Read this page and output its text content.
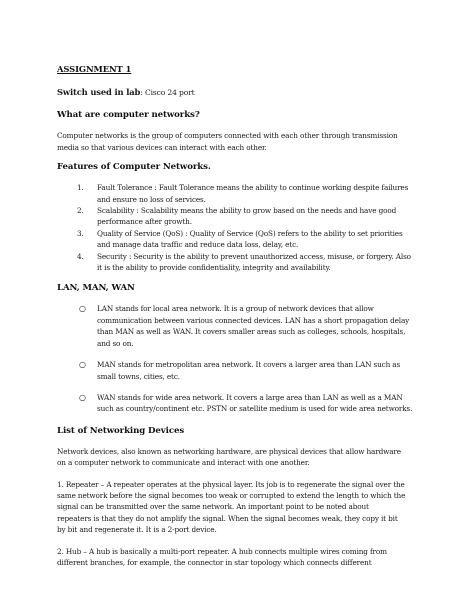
ASSIGNMENT 1
Switch used in lab: Cisco 24 port
What are computer networks?
Computer networks is the group of computers connected with each other through transmission
media so that various devices can interact with each other.
Features of Computer Networks.
1. Fault Tolerance : Fault Tolerance means the ability to continue working despite failures
and ensure no loss of services.
2. Scalability : Scalability means the ability to grow based on the needs and have good
performance after growth.
3. Quality of Service (QoS) : Quality of Service (QoS) refers to the ability to set priorities
and manage data traffic and reduce data loss, delay, etc.
4. Security : Security is the ability to prevent unauthorized access, misuse, or forgery. Also
it is the ability to provide confidentiality, integrity and availability.
LAN, MAN, WAN
○ LAN stands for local area network. It is a group of network devices that allow
communication between various connected devices. LAN has a short propagation delay
than MAN as well as WAN. It covers smaller areas such as colleges, schools, hospitals,
and so on.
○ MAN stands for metropolitan area network. It covers a larger area than LAN such as
small towns, cities, etc.
○ WAN stands for wide area network. It covers a large area than LAN as well as a MAN
such as country/continent etc. PSTN or satellite medium is used for wide area networks.
List of Networking Devices
Network devices, also known as networking hardware, are physical devices that allow hardware
on a computer network to communicate and interact with one another.
1. Repeater – A repeater operates at the physical layer. Its job is to regenerate the signal over the
same network before the signal becomes too weak or corrupted to extend the length to which the
signal can be transmitted over the same network. An important point to be noted about
repeaters is that they do not amplify the signal. When the signal becomes weak, they copy it bit
by bit and regenerate it. It is a 2-port device.
2. Hub – A hub is basically a multi-port repeater. A hub connects multiple wires coming from
different branches, for example, the connector in star topology which connects different
